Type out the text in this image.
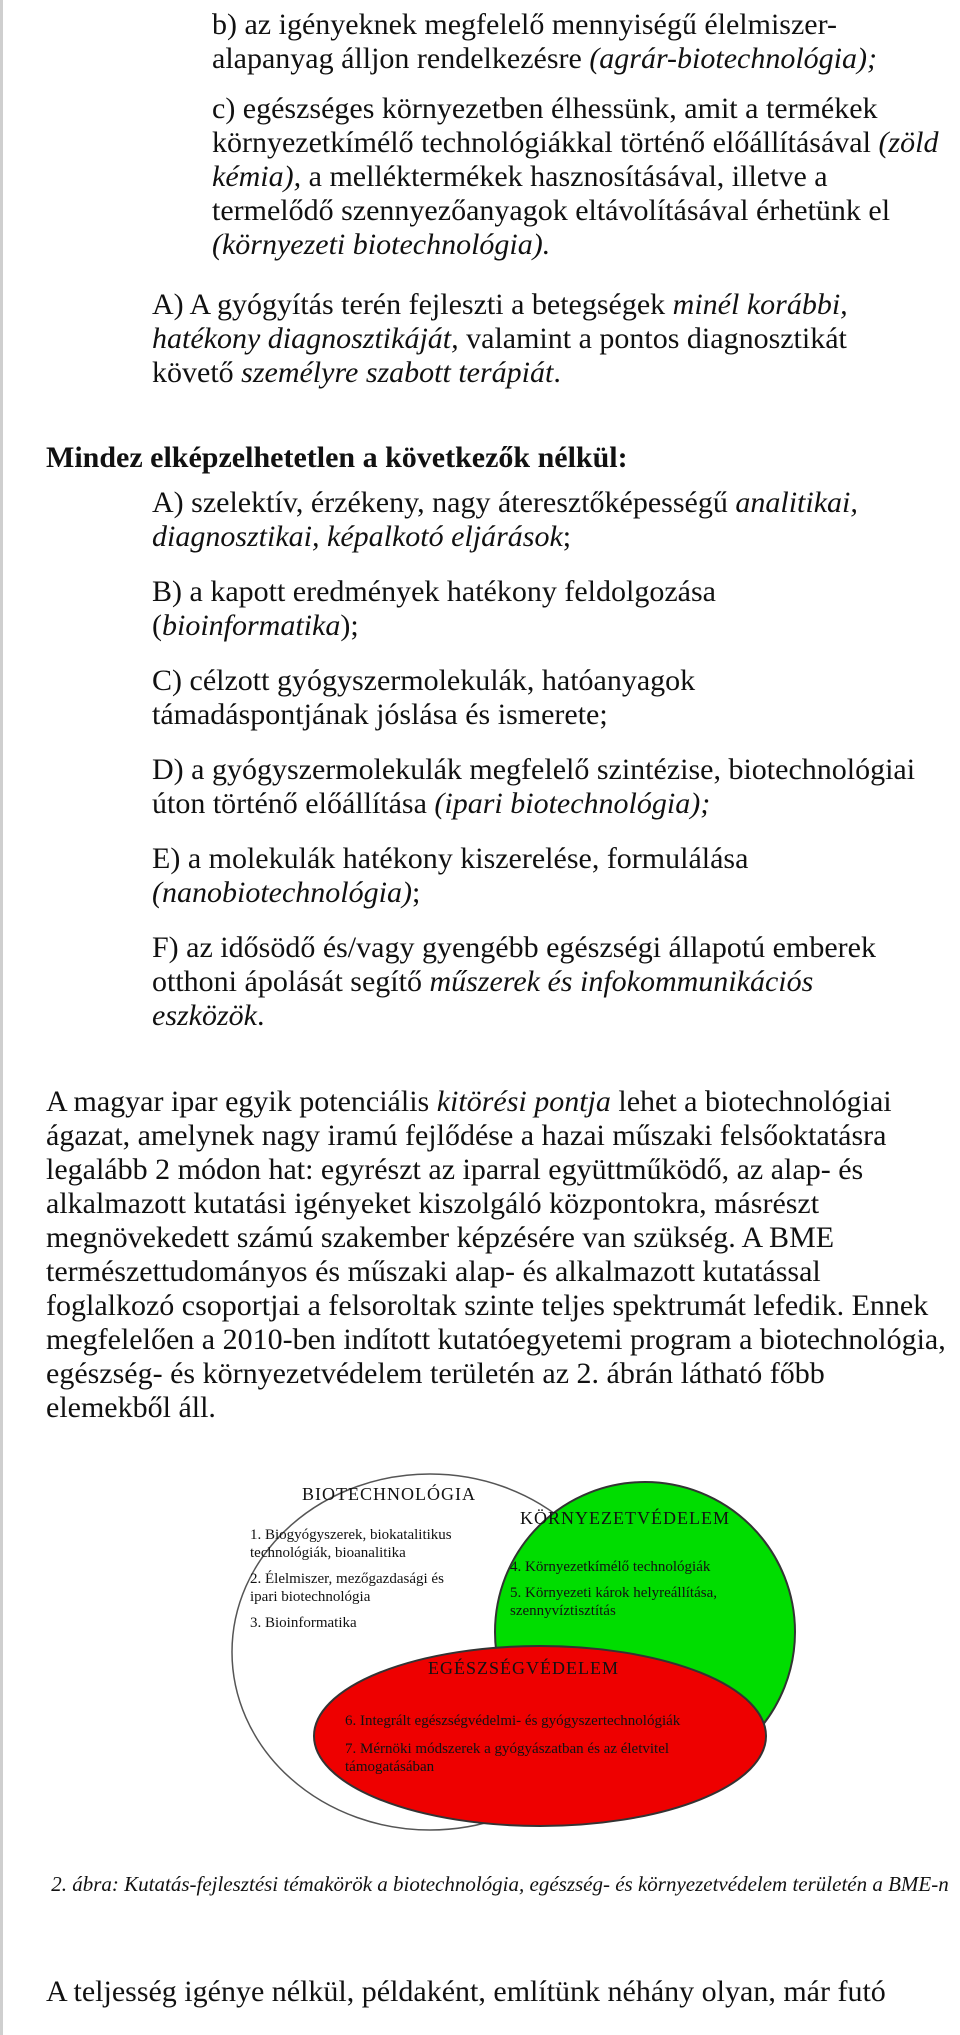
b) az igényeknek megfelelő mennyiségű élelmiszer-alapanyag álljon rendelkezésre (agrár-biotechnológia);

c) egészséges környezetben élhessünk, amit a termékek környezetkímélő technológiákkal történő előállításával (zöld kémia), a melléktermékek hasznosításával, illetve a termelődő szennyezőanyagok eltávolításával érhetünk el (környezeti biotechnológia).

A) A gyógyítás terén fejleszti a betegségek minél korábbi, hatékony diagnosztikáját, valamint a pontos diagnosztikát követő személyre szabott terápiát.

Mindez elképzelhetetlen a következők nélkül:

A) szelektív, érzékeny, nagy áteresztőképességű analitikai, diagnosztikai, képalkotó eljárások;

B) a kapott eredmények hatékony feldolgozása (bioinformatika);

C) célzott gyógyszermolekulák, hatóanyagok támadáspontjának jóslása és ismerete;

D) a gyógyszermolekulák megfelelő szintézise, biotechnológiai úton történő előállítása (ipari biotechnológia);

E) a molekulák hatékony kiszerelése, formulálása (nanobiotechnológia);

F) az idősödő és/vagy gyengébb egészségi állapotú emberek otthoni ápolását segítő műszerek és infokommunikációs eszközök.

A magyar ipar egyik potenciális kitörési pontja lehet a biotechnológiai ágazat, amelynek nagy iramú fejlődése a hazai műszaki felsőoktatásra legalább 2 módon hat: egyrészt az iparral együttműködő, az alap- és alkalmazott kutatási igényeket kiszolgáló központokra, másrészt megnövekedett számú szakember képzésére van szükség. A BME természettudományos és műszaki alap- és alkalmazott kutatással foglalkozó csoportjai a felsoroltak szinte teljes spektrumát lefedik. Ennek megfelelően a 2010-ben indított kutatóegyetemi program a biotechnológia, egészség- és környezetvédelem területén az 2. ábrán látható főbb elemekből áll.

BIOTECHNOLÓGIA
1. Biogyógyszerek, biokatalitikus technológiák, bioanalitika
2. Élelmiszer, mezőgazdasági és ipari biotechnológia
3. Bioinformatika
KÖRNYEZETVÉDELEM
4. Környezetkímélő technológiák
5. Környezeti károk helyreállítása, szennyvíztisztítás
EGÉSZSÉGVÉDELEM
6. Integrált egészségvédelmi- és gyógyszertechnológiák
7. Mérnöki módszerek a gyógyászatban és az életvitel támogatásában
2. ábra: Kutatás-fejlesztési témakörök a biotechnológia, egészség- és környezetvédelem területén a BME-n

A teljesség igénye nélkül, példaként, említünk néhány olyan, már futó
